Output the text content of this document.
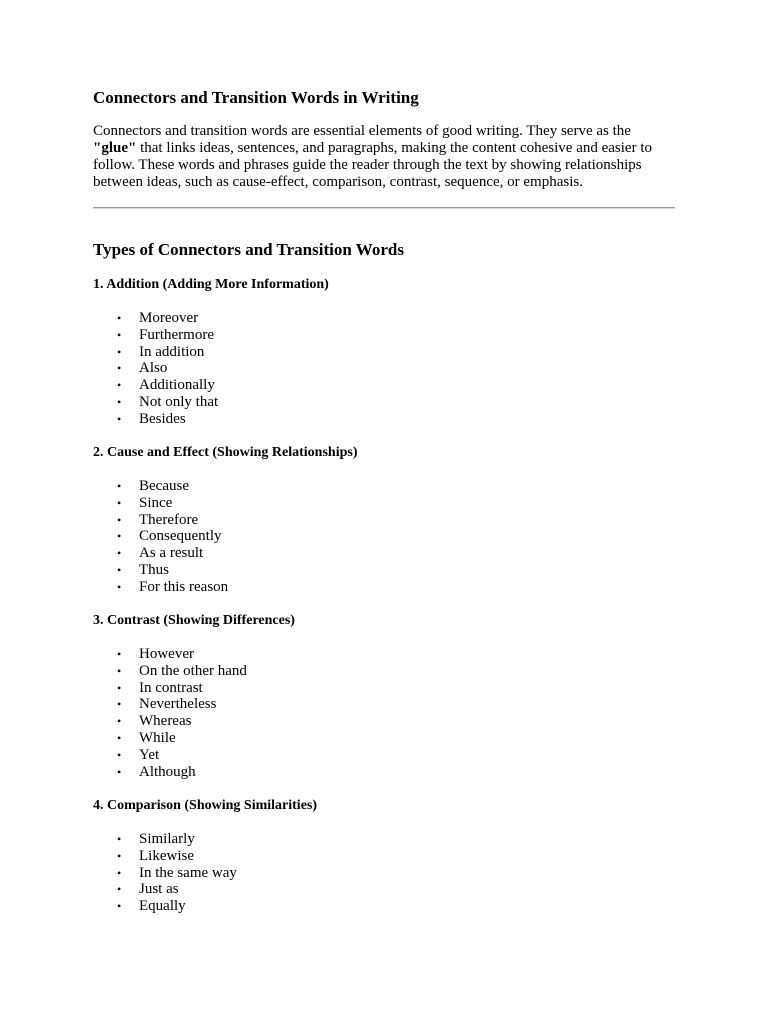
Connectors and Transition Words in Writing

Connectors and transition words are essential elements of good writing. They serve as the "glue" that links ideas, sentences, and paragraphs, making the content cohesive and easier to follow. These words and phrases guide the reader through the text by showing relationships between ideas, such as cause-effect, comparison, contrast, sequence, or emphasis.

Types of Connectors and Transition Words
1. Addition (Adding More Information)
• Moreover
• Furthermore
• In addition
• Also
• Additionally
• Not only that
• Besides
2. Cause and Effect (Showing Relationships)
• Because
• Since
• Therefore
• Consequently
• As a result
• Thus
• For this reason
3. Contrast (Showing Differences)
• However
• On the other hand
• In contrast
• Nevertheless
• Whereas
• While
• Yet
• Although
4. Comparison (Showing Similarities)
• Similarly
• Likewise
• In the same way
• Just as
• Equally
